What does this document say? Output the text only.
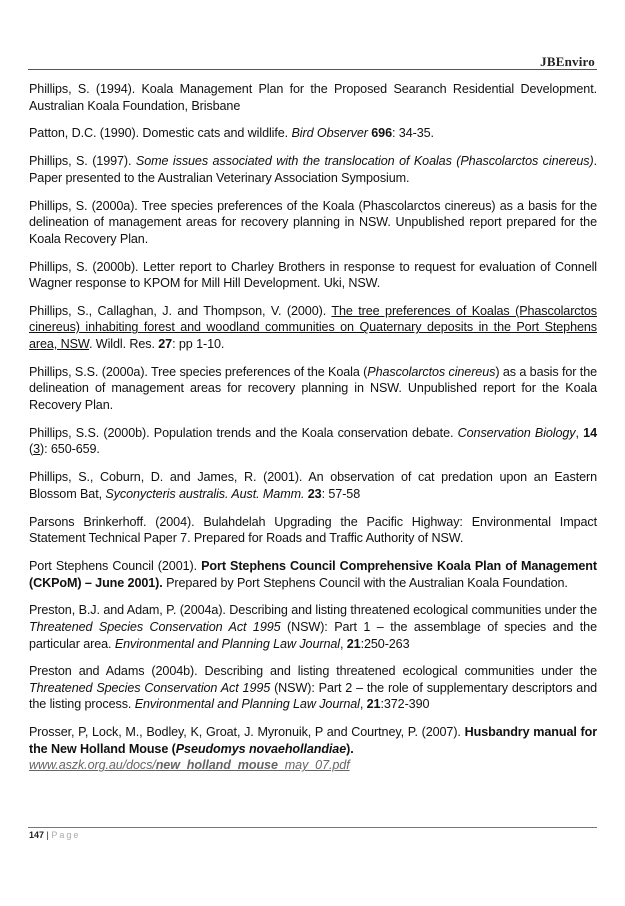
JBEnviro

Phillips, S. (1994). Koala Management Plan for the Proposed Searanch Residential Development. Australian Koala Foundation, Brisbane

Patton, D.C. (1990). Domestic cats and wildlife. Bird Observer 696: 34-35.

Phillips, S. (1997). Some issues associated with the translocation of Koalas (Phascolarctos cinereus). Paper presented to the Australian Veterinary Association Symposium.

Phillips, S. (2000a). Tree species preferences of the Koala (Phascolarctos cinereus) as a basis for the delineation of management areas for recovery planning in NSW. Unpublished report prepared for the Koala Recovery Plan.

Phillips, S. (2000b). Letter report to Charley Brothers in response to request for evaluation of Connell Wagner response to KPOM for Mill Hill Development. Uki, NSW.

Phillips, S., Callaghan, J. and Thompson, V. (2000). The tree preferences of Koalas (Phascolarctos cinereus) inhabiting forest and woodland communities on Quaternary deposits in the Port Stephens area, NSW. Wildl. Res. 27: pp 1-10.

Phillips, S.S. (2000a). Tree species preferences of the Koala (Phascolarctos cinereus) as a basis for the delineation of management areas for recovery planning in NSW. Unpublished report for the Koala Recovery Plan.

Phillips, S.S. (2000b). Population trends and the Koala conservation debate. Conservation Biology, 14 (3): 650-659.

Phillips, S., Coburn, D. and James, R. (2001). An observation of cat predation upon an Eastern Blossom Bat, Syconycteris australis. Aust. Mamm. 23: 57-58

Parsons Brinkerhoff. (2004). Bulahdelah Upgrading the Pacific Highway: Environmental Impact Statement Technical Paper 7. Prepared for Roads and Traffic Authority of NSW.

Port Stephens Council (2001). Port Stephens Council Comprehensive Koala Plan of Management (CKPoM) – June 2001). Prepared by Port Stephens Council with the Australian Koala Foundation.

Preston, B.J. and Adam, P. (2004a). Describing and listing threatened ecological communities under the Threatened Species Conservation Act 1995 (NSW): Part 1 – the assemblage of species and the particular area. Environmental and Planning Law Journal, 21:250-263

Preston and Adams (2004b). Describing and listing threatened ecological communities under the Threatened Species Conservation Act 1995 (NSW): Part 2 – the role of supplementary descriptors and the listing process. Environmental and Planning Law Journal, 21:372-390

Prosser, P, Lock, M., Bodley, K, Groat, J. Myronuik, P and Courtney, P. (2007). Husbandry manual for the New Holland Mouse (Pseudomys novaehollandiae).
www.aszk.org.au/docs/new_holland_mouse_may_07.pdf

147 | Page
